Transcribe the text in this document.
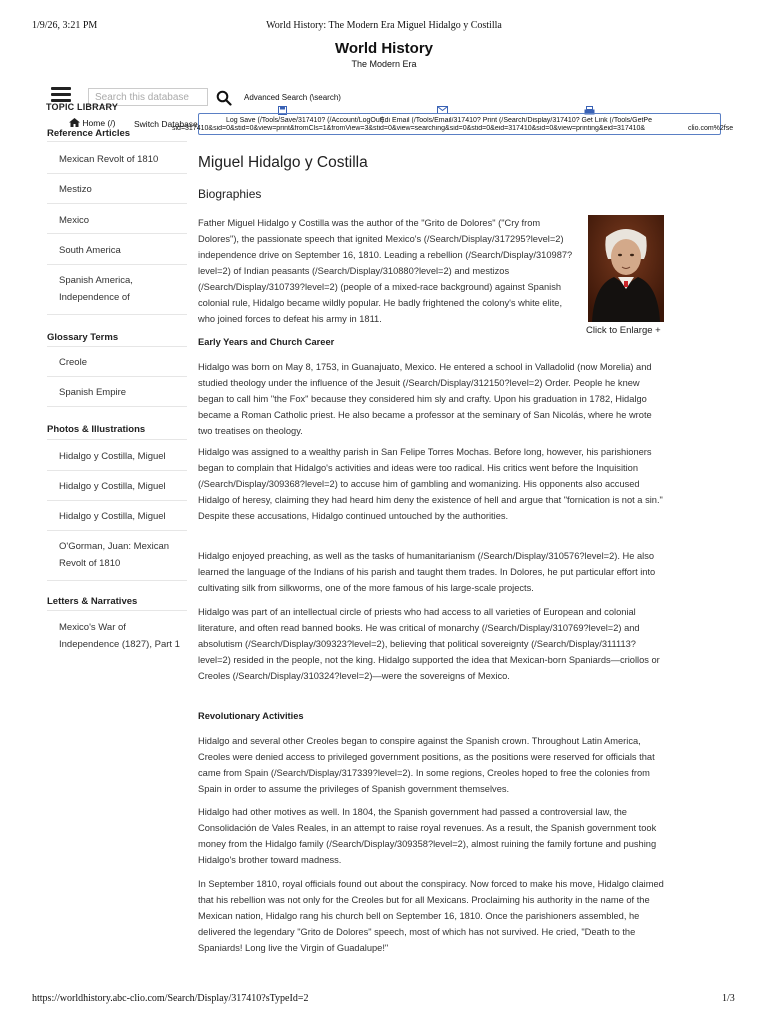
1/9/26, 3:21 PM	World History: The Modern Era Miguel Hidalgo y Costilla
World History
The Modern Era
Search this database	Advanced Search (\search)
TOPIC LIBRARY
Home (/) Switch Database	Log Save (/Tools/Save/317410? (/Account/LogOut)
sid=317410&sid=0&stid=0&view=print&fromCls=1&fromView=3&stid=0&view=searching&sid=0&stid=0&eid=317410&sid=0&view=printing&eid=317410&
Edi Email (/Tools/Email/317410? Print (/Search/Display/317410? Get Link (/Tools/GetPe
clio.com%2fse
Reference Articles
Mexican Revolt of 1810
Mestizo
Mexico
South America
Spanish America, Independence of
Glossary Terms
Creole
Spanish Empire
Photos & Illustrations
Hidalgo y Costilla, Miguel
Hidalgo y Costilla, Miguel
Hidalgo y Costilla, Miguel
O'Gorman, Juan: Mexican Revolt of 1810
Letters & Narratives
Mexico's War of Independence (1827), Part 1
Miguel Hidalgo y Costilla
Biographies
Father Miguel Hidalgo y Costilla was the author of the "Grito de Dolores" ("Cry from Dolores"), the passionate speech that ignited Mexico's (/Search/Display/317295?level=2) independence drive on September 16, 1810. Leading a rebellion (/Search/Display/310987?level=2) of Indian peasants (/Search/Display/310880?level=2) and mestizos (/Search/Display/310739?level=2) (people of a mixed-race background) against Spanish colonial rule, Hidalgo became wildly popular. He badly frightened the colony's white elite, who joined forces to defeat his army in 1811.
Click to Enlarge +
Early Years and Church Career
Hidalgo was born on May 8, 1753, in Guanajuato, Mexico. He entered a school in Valladolid (now Morelia) and studied theology under the influence of the Jesuit (/Search/Display/312150?level=2) Order. People he knew began to call him "the Fox" because they considered him sly and crafty. Upon his graduation in 1782, Hidalgo became a Roman Catholic priest. He also became a professor at the seminary of San Nicolás, where he wrote two treatises on theology.
Hidalgo was assigned to a wealthy parish in San Felipe Torres Mochas. Before long, however, his parishioners began to complain that Hidalgo's activities and ideas were too radical. His critics went before the Inquisition (/Search/Display/309368?level=2) to accuse him of gambling and womanizing. His opponents also accused Hidalgo of heresy, claiming they had heard him deny the existence of hell and argue that "fornication is not a sin." Despite these accusations, Hidalgo continued untouched by the authorities.
Hidalgo enjoyed preaching, as well as the tasks of humanitarianism (/Search/Display/310576?level=2). He also learned the language of the Indians of his parish and taught them trades. In Dolores, he put particular effort into cultivating silk from silkworms, one of the more famous of his large-scale projects.
Hidalgo was part of an intellectual circle of priests who had access to all varieties of European and colonial literature, and often read banned books. He was critical of monarchy (/Search/Display/310769?level=2) and absolutism (/Search/Display/309323?level=2), believing that political sovereignty (/Search/Display/311113?level=2) resided in the people, not the king. Hidalgo supported the idea that Mexican-born Spaniards—criollos or Creoles (/Search/Display/310324?level=2)—were the sovereigns of Mexico.
Revolutionary Activities
Hidalgo and several other Creoles began to conspire against the Spanish crown. Throughout Latin America, Creoles were denied access to privileged government positions, as the positions were reserved for officials that came from Spain (/Search/Display/317339?level=2). In some regions, Creoles hoped to free the colonies from Spain in order to assume the privileges of Spanish government themselves.
Hidalgo had other motives as well. In 1804, the Spanish government had passed a controversial law, the Consolidación de Vales Reales, in an attempt to raise royal revenues. As a result, the Spanish government took money from the Hidalgo family (/Search/Display/309358?level=2), almost ruining the family fortune and pushing Hidalgo's brother toward madness.
In September 1810, royal officials found out about the conspiracy. Now forced to make his move, Hidalgo claimed that his rebellion was not only for the Creoles but for all Mexicans. Proclaiming his authority in the name of the Mexican nation, Hidalgo rang his church bell on September 16, 1810. Once the parishioners assembled, he delivered the legendary "Grito de Dolores" speech, most of which has not survived. He cried, "Death to the Spaniards! Long live the Virgin of Guadalupe!"
https://worldhistory.abc-clio.com/Search/Display/317410?sTypeId=2	1/3
